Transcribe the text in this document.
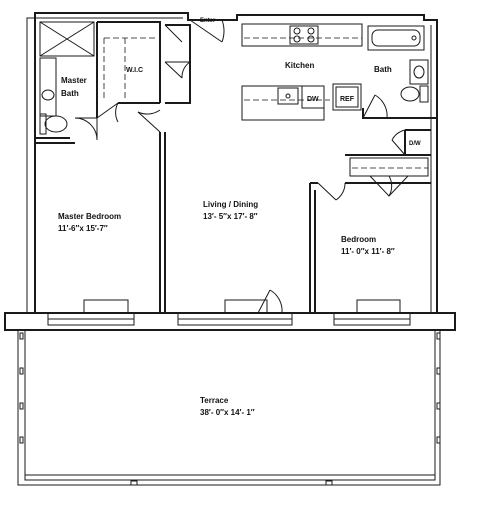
Master
Bath
W.I.C
Enter
Kitchen	Bath
DW	REF
D/W
Master Bedroom
11′-6″x 15′-7″
Living / Dining
13′- 5″x 17′- 8″
Bedroom
11′- 0″x 11′- 8″
Terrace
38′- 0″x 14′- 1″
